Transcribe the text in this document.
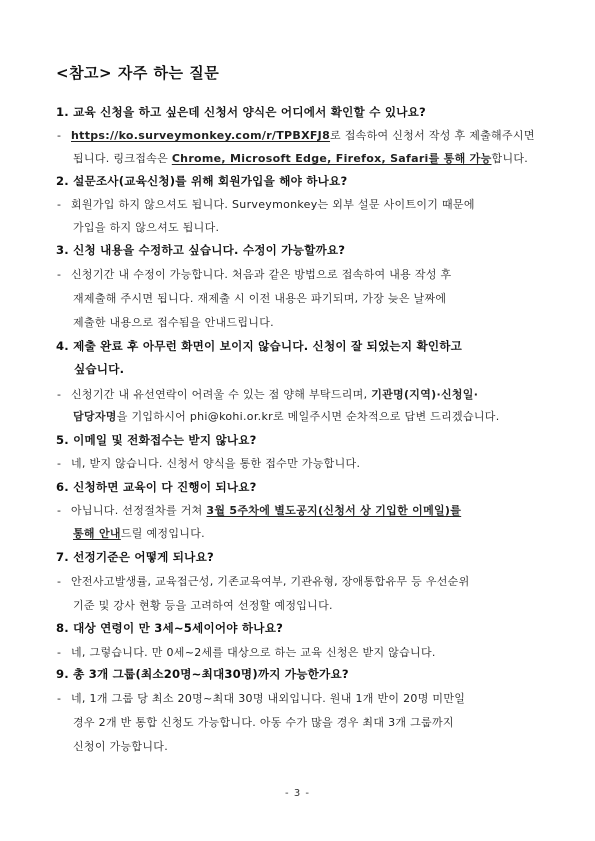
<참고> 자주 하는 질문
1. 교육 신청을 하고 싶은데 신청서 양식은 어디에서 확인할 수 있나요?
- https://ko.surveymonkey.com/r/TPBXFJ8로 접속하여 신청서 작성 후 제출해주시면
됩니다. 링크접속은 Chrome, Microsoft Edge, Firefox, Safari를 통해 가능합니다.
2. 설문조사(교육신청)를 위해 회원가입을 해야 하나요?
- 회원가입 하지 않으셔도 됩니다. Surveymonkey는 외부 설문 사이트이기 때문에
가입을 하지 않으셔도 됩니다.
3. 신청 내용을 수정하고 싶습니다. 수정이 가능할까요?
- 신청기간 내 수정이 가능합니다. 처음과 같은 방법으로 접속하여 내용 작성 후
재제출해 주시면 됩니다. 재제출 시 이전 내용은 파기되며, 가장 늦은 날짜에
제출한 내용으로 접수됨을 안내드립니다.
4. 제출 완료 후 아무런 화면이 보이지 않습니다. 신청이 잘 되었는지 확인하고
싶습니다.
- 신청기간 내 유선연락이 어려울 수 있는 점 양해 부탁드리며, 기관명(지역)·신청일·
담당자명을 기입하시어 phi@kohi.or.kr로 메일주시면 순차적으로 답변 드리겠습니다.
5. 이메일 및 전화접수는 받지 않나요?
- 네, 받지 않습니다. 신청서 양식을 통한 접수만 가능합니다.
6. 신청하면 교육이 다 진행이 되나요?
- 아닙니다. 선정절차를 거쳐 3월 5주차에 별도공지(신청서 상 기입한 이메일)를
통해 안내드릴 예정입니다.
7. 선정기준은 어떻게 되나요?
- 안전사고발생률, 교육접근성, 기존교육여부, 기관유형, 장애통합유무 등 우선순위
기준 및 강사 현황 등을 고려하여 선정할 예정입니다.
8. 대상 연령이 만 3세~5세이어야 하나요?
- 네, 그렇습니다. 만 0세~2세를 대상으로 하는 교육 신청은 받지 않습니다.
9. 총 3개 그룹(최소20명~최대30명)까지 가능한가요?
- 네, 1개 그룹 당 최소 20명~최대 30명 내외입니다. 원내 1개 반이 20명 미만일
경우 2개 반 통합 신청도 가능합니다. 아동 수가 많을 경우 최대 3개 그룹까지
신청이 가능합니다.
- 3 -
